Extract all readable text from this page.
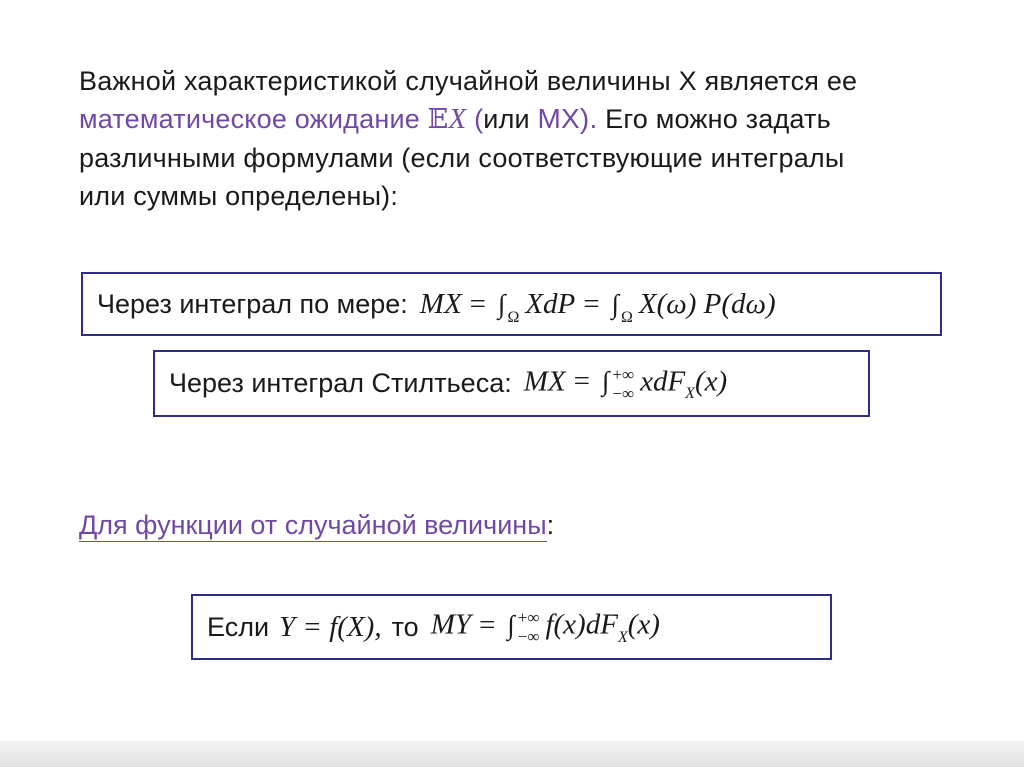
Важной характеристикой случайной величины X является ее
математическое ожидание 𝔼X (или MX). Его можно задать
различными формулами (если соответствующие интегралы
или суммы определены):
Через интеграл по мере: MX = ∫ $_\Omega$ XdP = ∫ $_\Omega$ X(ω) P(dω)
Через интеграл Стилтьеса: MX = ∫ +∞
−∞ xdF$_X$(x)
Для функции от случайной величины:
Если Y = f(X), то MY = ∫ +∞
−∞ $f(x)dF_X(x)$
